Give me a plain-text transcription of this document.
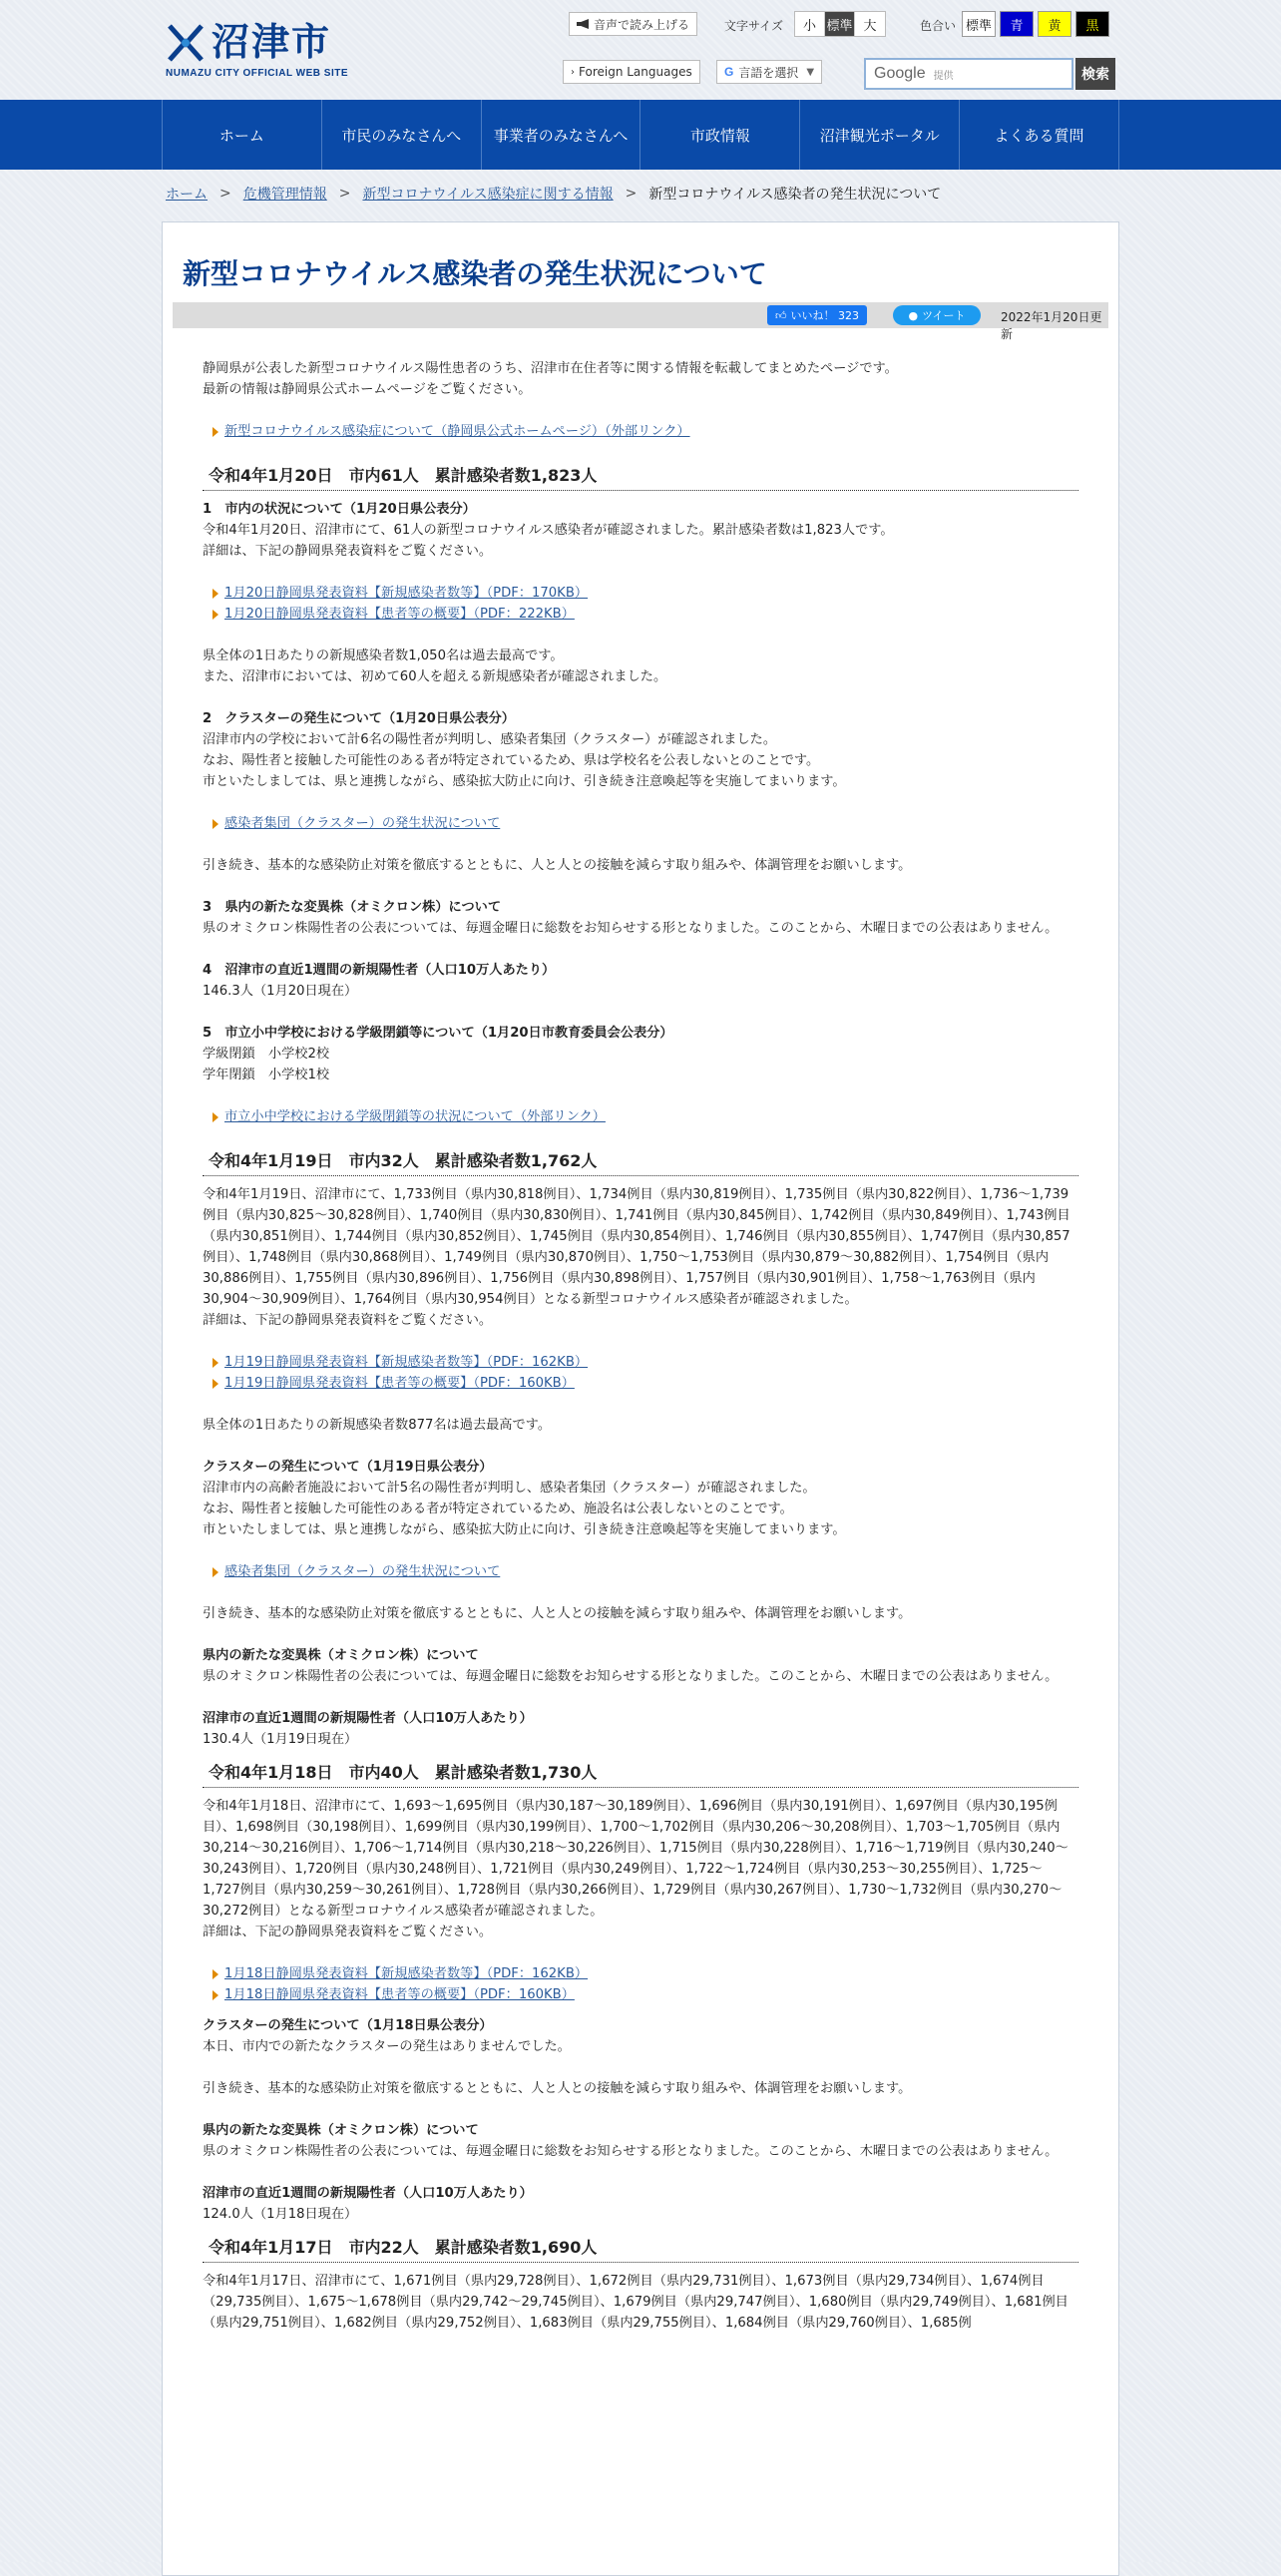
沼津市
NUMAZU CITY OFFICIAL WEB SITE
音声で読み上げる	文字サイズ	小 標準 大	色合い 標準	青	黄	黒
› Foreign Languages	G 言語を選択 ▼	Google 提供	検索
ホーム	市民のみなさんへ	事業者のみなさんへ	市政情報	沼津観光ポータル	よくある質問
ホーム > 危機管理情報 > 新型コロナウイルス感染症に関する情報 > 新型コロナウイルス感染者の発生状況について
新型コロナウイルス感染者の発生状況について
👍︎ いいね！ 323	● ツイート	2022年1月20日更新

静岡県が公表した新型コロナウイルス陽性患者のうち、沼津市在住者等に関する情報を転載してまとめたページです。

最新の情報は静岡県公式ホームページをご覧ください。

新型コロナウイルス感染症について（静岡県公式ホームページ）（外部リンク）

令和4年1月20日　市内61人　累計感染者数1,823人

1　市内の状況について（1月20日県公表分）

令和4年1月20日、沼津市にて、61人の新型コロナウイルス感染者が確認されました。累計感染者数は1,823人です。

詳細は、下記の静岡県発表資料をご覧ください。

1月20日静岡県発表資料【新規感染者数等】（PDF：170KB）

1月20日静岡県発表資料【患者等の概要】（PDF：222KB）

県全体の1日あたりの新規感染者数1,050名は過去最高です。

また、沼津市においては、初めて60人を超える新規感染者が確認されました。

2　クラスターの発生について（1月20日県公表分）

沼津市内の学校において計6名の陽性者が判明し、感染者集団（クラスター）が確認されました。

なお、陽性者と接触した可能性のある者が特定されているため、県は学校名を公表しないとのことです。

市といたしましては、県と連携しながら、感染拡大防止に向け、引き続き注意喚起等を実施してまいります。

感染者集団（クラスター）の発生状況について

引き続き、基本的な感染防止対策を徹底するとともに、人と人との接触を減らす取り組みや、体調管理をお願いします。

3　県内の新たな変異株（オミクロン株）について

県のオミクロン株陽性者の公表については、毎週金曜日に総数をお知らせする形となりました。このことから、木曜日までの公表はありません。

4　沼津市の直近1週間の新規陽性者（人口10万人あたり）

146.3人（1月20日現在）

5　市立小中学校における学級閉鎖等について（1月20日市教育委員会公表分）

学級閉鎖　小学校2校

学年閉鎖　小学校1校

市立小中学校における学級閉鎖等の状況について（外部リンク）

令和4年1月19日　市内32人　累計感染者数1,762人

令和4年1月19日、沼津市にて、1,733例目（県内30,818例目）、1,734例目（県内30,819例目）、1,735例目（県内30,822例目）、1,736～1,739例目（県内30,825～30,828例目）、1,740例目（県内30,830例目）、1,741例目（県内30,845例目）、1,742例目（県内30,849例目）、1,743例目（県内30,851例目）、1,744例目（県内30,852例目）、1,745例目（県内30,854例目）、1,746例目（県内30,855例目）、1,747例目（県内30,857例目）、1,748例目（県内30,868例目）、1,749例目（県内30,870例目）、1,750～1,753例目（県内30,879～30,882例目）、1,754例目（県内30,886例目）、1,755例目（県内30,896例目）、1,756例目（県内30,898例目）、1,757例目（県内30,901例目）、1,758～1,763例目（県内30,904～30,909例目）、1,764例目（県内30,954例目）となる新型コロナウイルス感染者が確認されました。

詳細は、下記の静岡県発表資料をご覧ください。

1月19日静岡県発表資料【新規感染者数等】（PDF：162KB）

1月19日静岡県発表資料【患者等の概要】（PDF：160KB）

県全体の1日あたりの新規感染者数877名は過去最高です。

クラスターの発生について（1月19日県公表分）

沼津市内の高齢者施設において計5名の陽性者が判明し、感染者集団（クラスター）が確認されました。

なお、陽性者と接触した可能性のある者が特定されているため、施設名は公表しないとのことです。

市といたしましては、県と連携しながら、感染拡大防止に向け、引き続き注意喚起等を実施してまいります。

感染者集団（クラスター）の発生状況について

引き続き、基本的な感染防止対策を徹底するとともに、人と人との接触を減らす取り組みや、体調管理をお願いします。

県内の新たな変異株（オミクロン株）について

県のオミクロン株陽性者の公表については、毎週金曜日に総数をお知らせする形となりました。このことから、木曜日までの公表はありません。

沼津市の直近1週間の新規陽性者（人口10万人あたり）

130.4人（1月19日現在）

令和4年1月18日　市内40人　累計感染者数1,730人

令和4年1月18日、沼津市にて、1,693～1,695例目（県内30,187～30,189例目）、1,696例目（県内30,191例目）、1,697例目（県内30,195例目）、1,698例目（30,198例目）、1,699例目（県内30,199例目）、1,700～1,702例目（県内30,206～30,208例目）、1,703～1,705例目（県内30,214～30,216例目）、1,706～1,714例目（県内30,218～30,226例目）、1,715例目（県内30,228例目）、1,716～1,719例目（県内30,240～30,243例目）、1,720例目（県内30,248例目）、1,721例目（県内30,249例目）、1,722～1,724例目（県内30,253～30,255例目）、1,725～1,727例目（県内30,259～30,261例目）、1,728例目（県内30,266例目）、1,729例目（県内30,267例目）、1,730～1,732例目（県内30,270～30,272例目）となる新型コロナウイルス感染者が確認されました。

詳細は、下記の静岡県発表資料をご覧ください。

1月18日静岡県発表資料【新規感染者数等】（PDF：162KB）

1月18日静岡県発表資料【患者等の概要】（PDF：160KB）

クラスターの発生について（1月18日県公表分）

本日、市内での新たなクラスターの発生はありませんでした。

引き続き、基本的な感染防止対策を徹底するとともに、人と人との接触を減らす取り組みや、体調管理をお願いします。

県内の新たな変異株（オミクロン株）について

県のオミクロン株陽性者の公表については、毎週金曜日に総数をお知らせする形となりました。このことから、木曜日までの公表はありません。

沼津市の直近1週間の新規陽性者（人口10万人あたり）

124.0人（1月18日現在）

令和4年1月17日　市内22人　累計感染者数1,690人

令和4年1月17日、沼津市にて、1,671例目（県内29,728例目）、1,672例目（県内29,731例目）、1,673例目（県内29,734例目）、1,674例目（29,735例目）、1,675～1,678例目（県内29,742～29,745例目）、1,679例目（県内29,747例目）、1,680例目（県内29,749例目）、1,681例目（県内29,751例目）、1,682例目（県内29,752例目）、1,683例目（県内29,755例目）、1,684例目（県内29,760例目）、1,685例
